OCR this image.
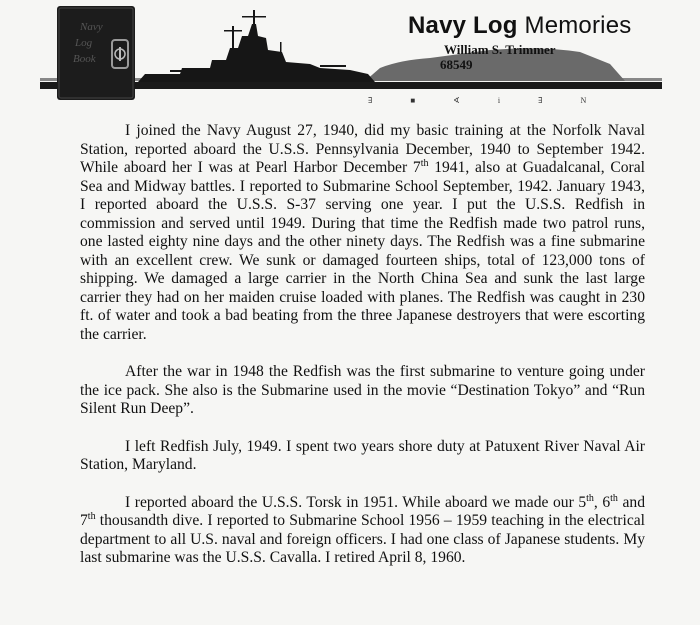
Navy
Log
Book
Navy Log Memories
William S. Trimmer
68549
∃ ■ ∢ i ∃ N

I joined the Navy August 27, 1940, did my basic training at the Norfolk Naval Station, reported aboard the U.S.S. Pennsylvania December, 1940 to September 1942. While aboard her I was at Pearl Harbor December 7th 1941, also at Guadalcanal, Coral Sea and Midway battles. I reported to Submarine School September, 1942. January 1943, I reported aboard the U.S.S. S-37 serving one year. I put the U.S.S. Redfish in commission and served until 1949. During that time the Redfish made two patrol runs, one lasted eighty nine days and the other ninety days. The Redfish was a fine submarine with an excellent crew. We sunk or damaged fourteen ships, total of 123,000 tons of shipping. We damaged a large carrier in the North China Sea and sunk the last large carrier they had on her maiden cruise loaded with planes. The Redfish was caught in 230 ft. of water and took a bad beating from the three Japanese destroyers that were escorting the carrier.

After the war in 1948 the Redfish was the first submarine to venture going under the ice pack. She also is the Submarine used in the movie “Destination Tokyo” and “Run Silent Run Deep”.

I left Redfish July, 1949. I spent two years shore duty at Patuxent River Naval Air Station, Maryland.

I reported aboard the U.S.S. Torsk in 1951. While aboard we made our 5th, 6th and 7th thousandth dive. I reported to Submarine School 1956 – 1959 teaching in the electrical department to all U.S. naval and foreign officers. I had one class of Japanese students. My last submarine was the U.S.S. Cavalla. I retired April 8, 1960.
